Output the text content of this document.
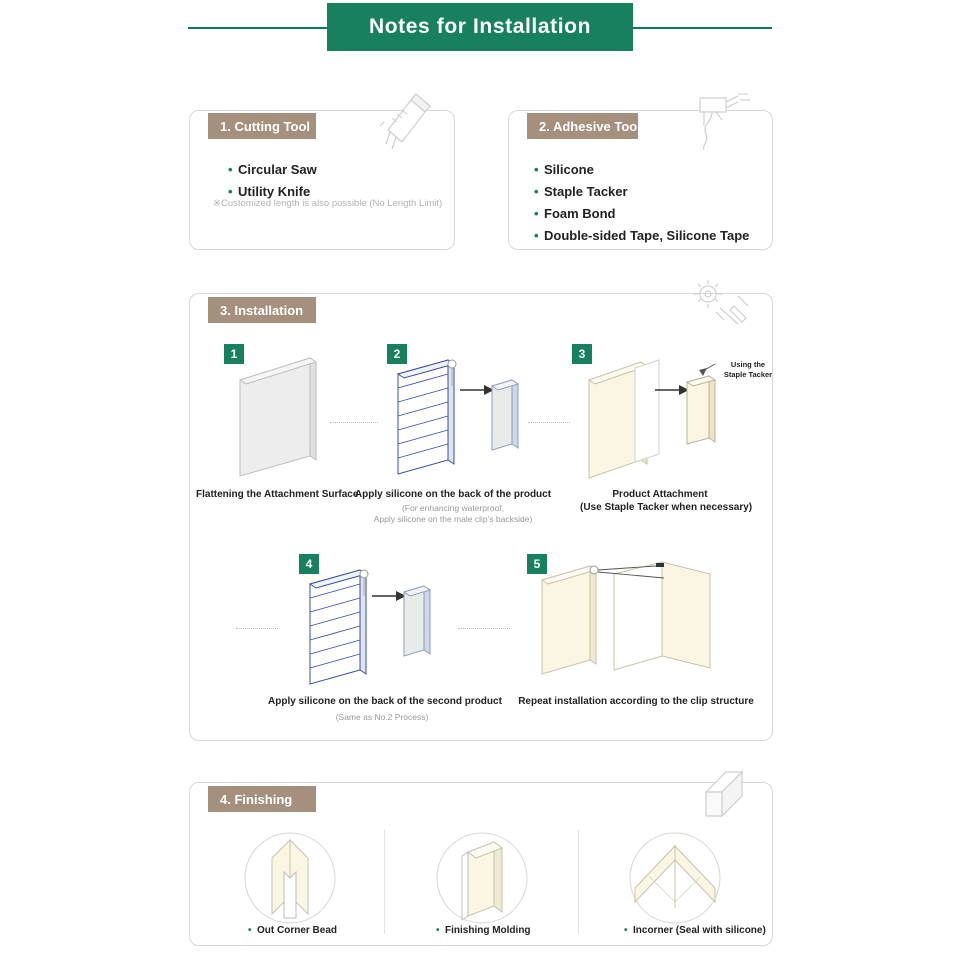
Notes for Installation
1. Cutting Tool
• Circular Saw
• Utility Knife
※Customized length is also possible (No Length Limit)
2. Adhesive Tool
• Silicone
• Staple Tacker
• Foam Bond
• Double-sided Tape, Silicone Tape
3. Installation
1
Flattening the Attachment Surface
2
Apply silicone on the back of the product
(For enhancing waterproof,
Apply silicone on the male clip’s backside)
3
Using the
Staple Tacker
Product Attachment
(Use Staple Tacker when necessary)
4
Apply silicone on the back of the second product
(Same as No.2 Process)
5
Repeat installation according to the clip structure
4. Finishing
• Out Corner Bead	• Finishing Molding	• Incorner (Seal with silicone)
